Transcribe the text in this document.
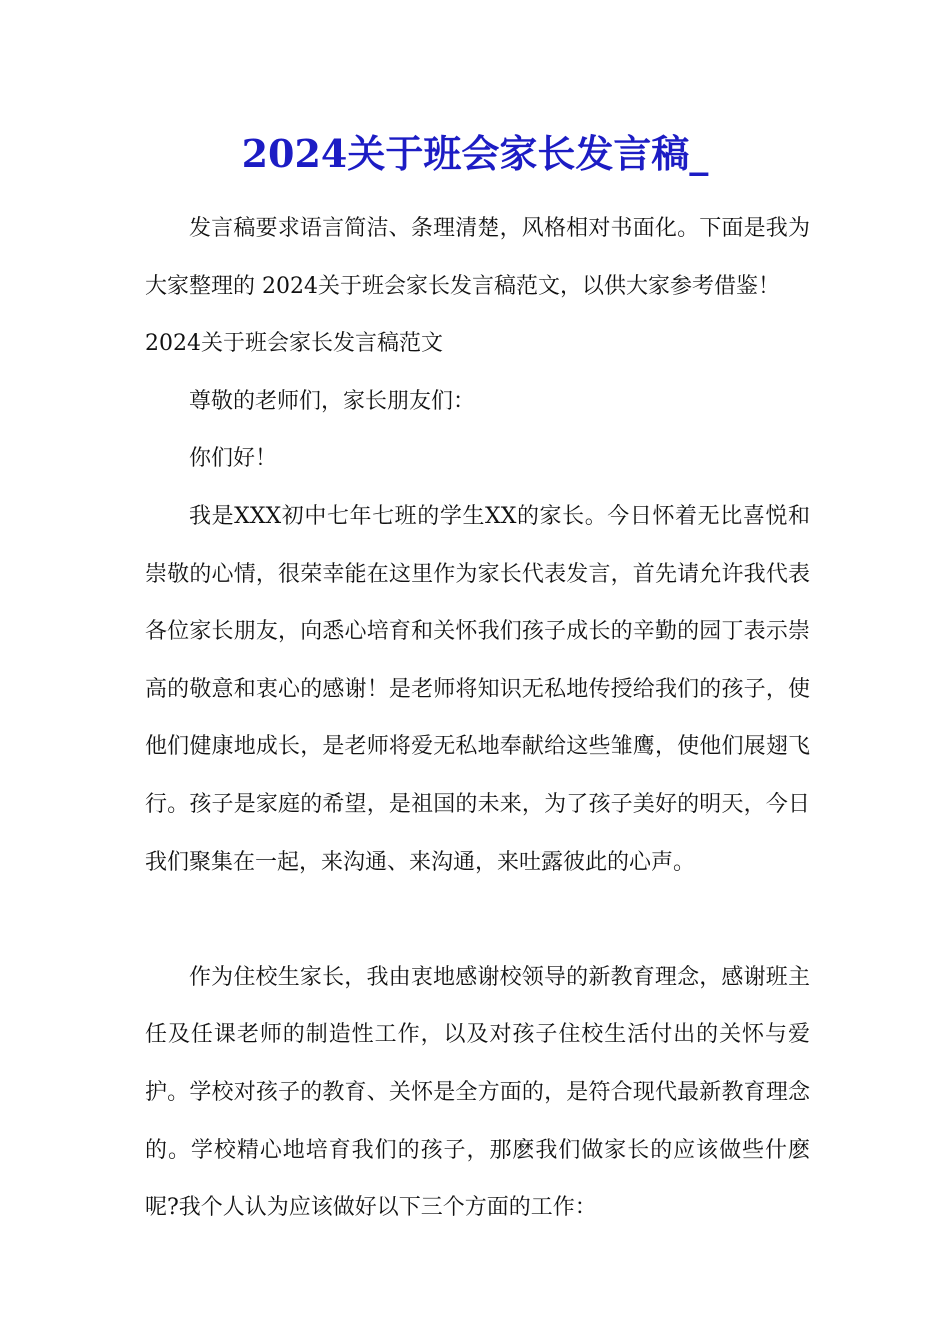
2024关于班会家长发言稿_

发言稿要求语言简洁、条理清楚，风格相对书面化。下面是我为大家整理的 2024关于班会家长发言稿范文，以供大家参考借鉴！

2024关于班会家长发言稿范文

尊敬的老师们，家长朋友们：

你们好！

我是XXX初中七年七班的学生XX的家长。今日怀着无比喜悦和崇敬的心情，很荣幸能在这里作为家长代表发言，首先请允许我代表各位家长朋友，向悉心培育和关怀我们孩子成长的辛勤的园丁表示崇高的敬意和衷心的感谢！是老师将知识无私地传授给我们的孩子，使他们健康地成长，是老师将爱无私地奉献给这些雏鹰，使他们展翅飞行。孩子是家庭的希望，是祖国的未来，为了孩子美好的明天，今日我们聚集在一起，来沟通、来沟通，来吐露彼此的心声。

作为住校生家长，我由衷地感谢校领导的新教育理念，感谢班主任及任课老师的制造性工作，以及对孩子住校生活付出的关怀与爱护。学校对孩子的教育、关怀是全方面的，是符合现代最新教育理念的。学校精心地培育我们的孩子，那麽我们做家长的应该做些什麽呢?我个人认为应该做好以下三个方面的工作：
